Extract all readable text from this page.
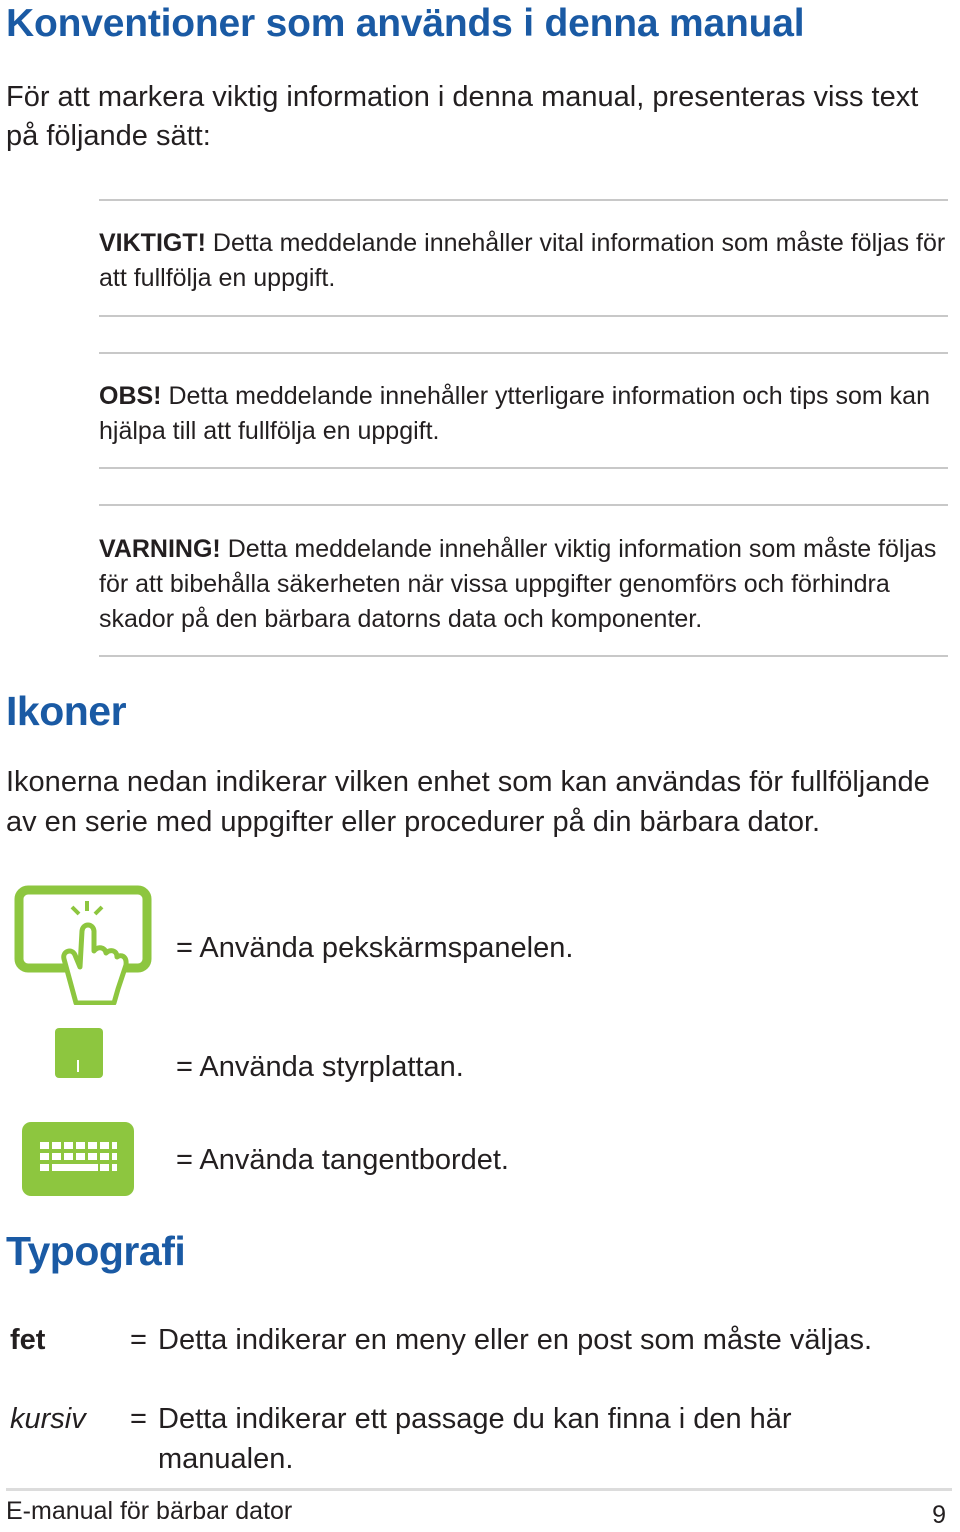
Konventioner som används i denna manual
För att markera viktig information i denna manual, presenteras viss text på följande sätt:
VIKTIGT! Detta meddelande innehåller vital information som måste följas för att fullfölja en uppgift.
OBS! Detta meddelande innehåller ytterligare information och tips som kan hjälpa till att fullfölja en uppgift.
VARNING! Detta meddelande innehåller viktig information som måste följas för att bibehålla säkerheten när vissa uppgifter genomförs och förhindra skador på den bärbara datorns data och komponenter.
Ikoner
Ikonerna nedan indikerar vilken enhet som kan användas för fullföljande av en serie med uppgifter eller procedurer på din bärbara dator.
= Använda pekskärmspanelen.
= Använda styrplattan.
= Använda tangentbordet.
Typografi
fet	= Detta indikerar en meny eller en post som måste väljas.
kursiv = Detta indikerar ett passage du kan finna i den här
manualen.
E-manual för bärbar dator	9
